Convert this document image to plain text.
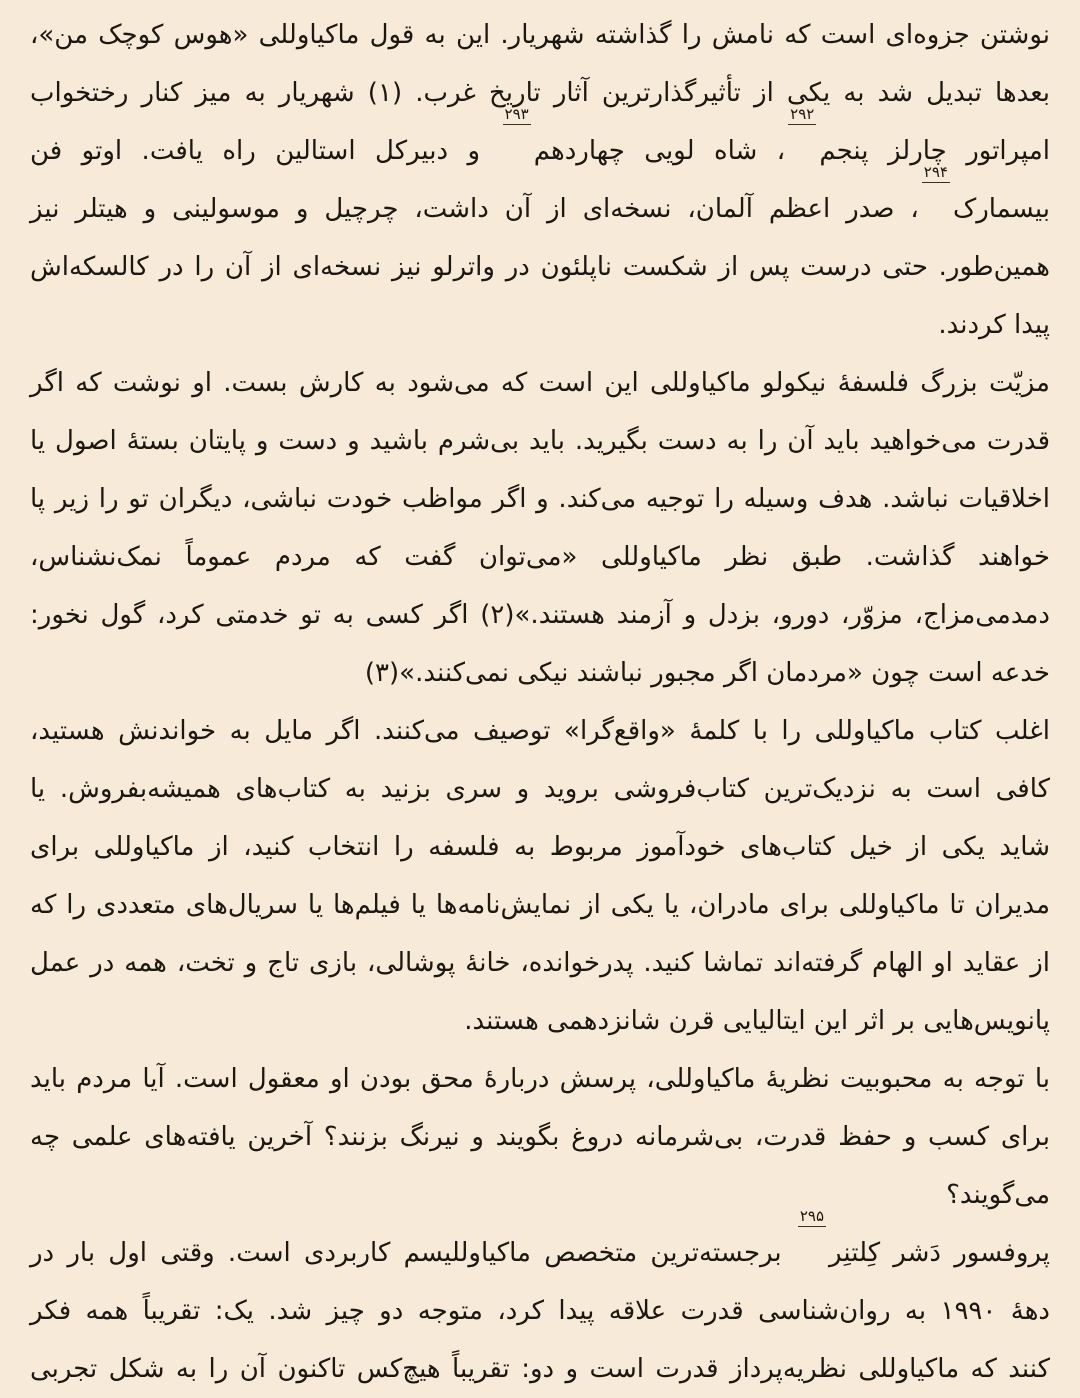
نوشتن جزوه‌ای است که نامش را گذاشته شهریار. این به قول ماکیاوللی «هوس کوچک من»،
بعدها تبدیل شد به یکی از تأثیرگذارترین آثار تاریخ غرب. (۱) شهریار به میز کنار رختخواب
امپراتور چارلز پنجم۲۹۲، شاه لویی چهاردهم۲۹۳ و دبیرکل استالین راه یافت. اوتو فن
بیسمارک۲۹۴، صدر اعظم آلمان، نسخه‌ای از آن داشت، چرچیل و موسولینی و هیتلر نیز
همین‌طور. حتی درست پس از شکست ناپلئون در واترلو نیز نسخه‌ای از آن را در کالسکه‌اش
پیدا کردند.
مزیّت بزرگ فلسفهٔ نیکولو ماکیاوللی این است که می‌شود به کارش بست. او نوشت که اگر
قدرت می‌خواهید باید آن را به دست بگیرید. باید بی‌شرم باشید و دست و پایتان بستهٔ اصول یا
اخلاقیات نباشد. هدف وسیله را توجیه می‌کند. و اگر مواظب خودت نباشی، دیگران تو را زیر پا
خواهند گذاشت. طبق نظر ماکیاوللی «می‌توان گفت که مردم عموماً نمک‌نشناس،
دمدمی‌مزاج، مزوّر، دورو، بزدل و آزمند هستند.»(۲) اگر کسی به تو خدمتی کرد، گول نخور:
خدعه است چون «مردمان اگر مجبور نباشند نیکی نمی‌کنند.»(۳)
اغلب کتاب ماکیاوللی را با کلمهٔ «واقع‌گرا» توصیف می‌کنند. اگر مایل به خواندنش هستید،
کافی است به نزدیک‌ترین کتاب‌فروشی بروید و سری بزنید به کتاب‌های همیشه‌بفروش. یا
شاید یکی از خیل کتاب‌های خودآموز مربوط به فلسفه را انتخاب کنید، از ماکیاوللی برای
مدیران تا ماکیاوللی برای مادران، یا یکی از نمایش‌نامه‌ها یا فیلم‌ها یا سریال‌های متعددی را که
از عقاید او الهام گرفته‌اند تماشا کنید. پدرخوانده، خانهٔ پوشالی، بازی تاج و تخت، همه در عمل
پانویس‌هایی بر اثر این ایتالیایی قرن شانزدهمی هستند.
با توجه به محبوبیت نظریهٔ ماکیاوللی، پرسش دربارهٔ محق بودن او معقول است. آیا مردم باید
برای کسب و حفظ قدرت، بی‌شرمانه دروغ بگویند و نیرنگ بزنند؟ آخرین یافته‌های علمی چه
می‌گویند؟
پروفسور دَشر کِلتنِر۲۹۵ برجسته‌ترین متخصص ماکیاوللیسم کاربردی است. وقتی اول بار در
دههٔ ۱۹۹۰ به روان‌شناسی قدرت علاقه پیدا کرد، متوجه دو چیز شد. یک: تقریباً همه فکر
کنند که ماکیاوللی نظریه‌پرداز قدرت است و دو: تقریباً هیچ‌کس تاکنون آن را به شکل تجربی
